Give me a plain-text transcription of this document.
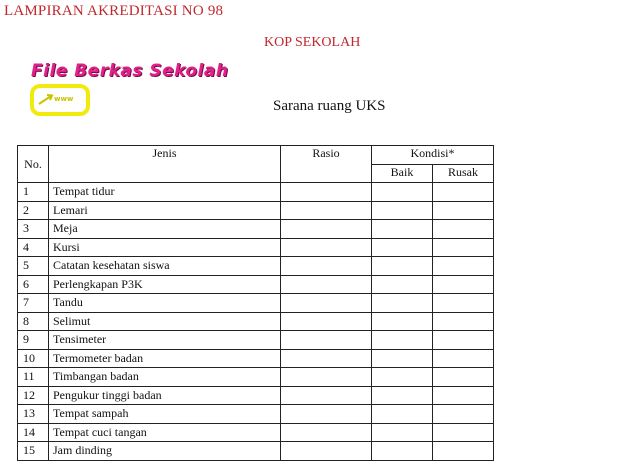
LAMPIRAN AKREDITASI NO 98
KOP SEKOLAH
File Berkas Sekolah
www	Sarana ruang UKS
No.	Jenis	Rasio	Kondisi*	
			Baik	Rusak
1	Tempat tidur			
2	Lemari			
3	Meja			
4	Kursi			
5	Catatan kesehatan siswa			
6	Perlengkapan P3K			
7	Tandu			
8	Selimut			
9	Tensimeter			
10	Termometer badan			
11	Timbangan badan			
12	Pengukur tinggi badan			
13	Tempat sampah			
14	Tempat cuci tangan			
15	Jam dinding			
